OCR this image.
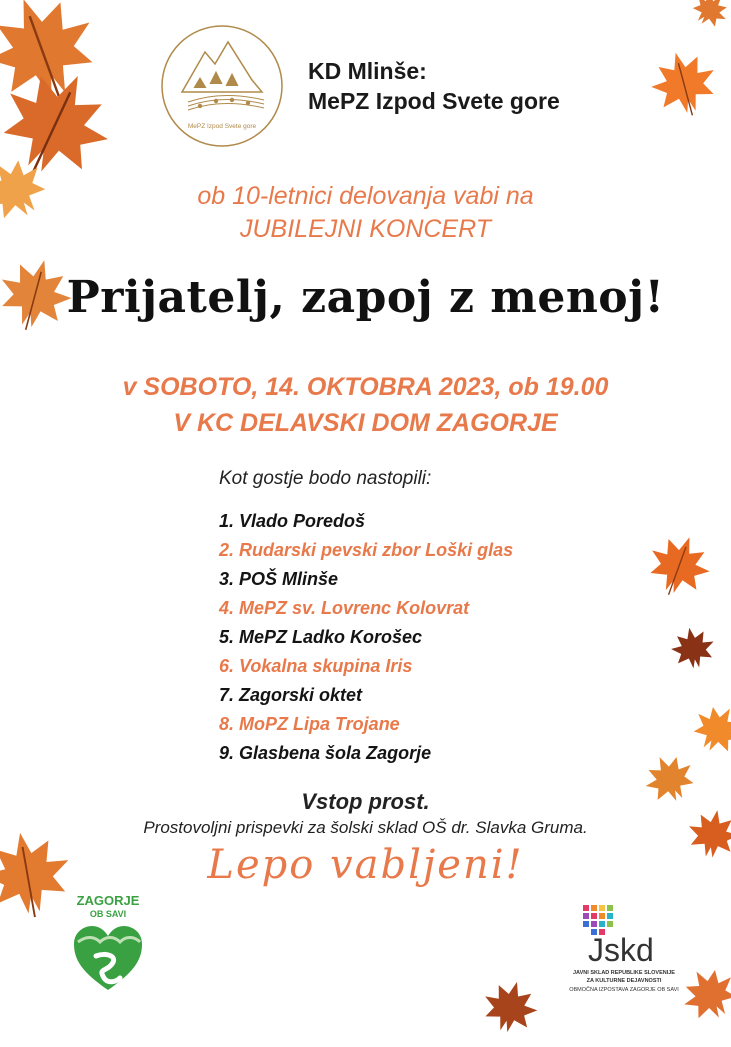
MePZ Izpod Svete gore
KD Mlinše:
MePZ Izpod Svete gore
ob 10-letnici delovanja vabi na
JUBILEJNI KONCERT
Prijatelj, zapoj z menoj!
v SOBOTO, 14. OKTOBRA 2023, ob 19.00
V KC DELAVSKI DOM ZAGORJE
Kot gostje bodo nastopili:
1. Vlado Poredoš
2. Rudarski pevski zbor Loški glas
3. POŠ Mlinše
4. MePZ sv. Lovrenc Kolovrat
5. MePZ Ladko Korošec
6. Vokalna skupina Iris
7. Zagorski oktet
8. MoPZ Lipa Trojane
9. Glasbena šola Zagorje
Vstop prost.
Prostovoljni prispevki za šolski sklad OŠ dr. Slavka Gruma.
Lepo vabljeni!
ZAGORJE
OB SAVI
Jskd
JAVNI SKLAD REPUBLIKE SLOVENIJE
ZA KULTURNE DEJAVNOSTI
OBMOČNA IZPOSTAVA ZAGORJE OB SAVI
